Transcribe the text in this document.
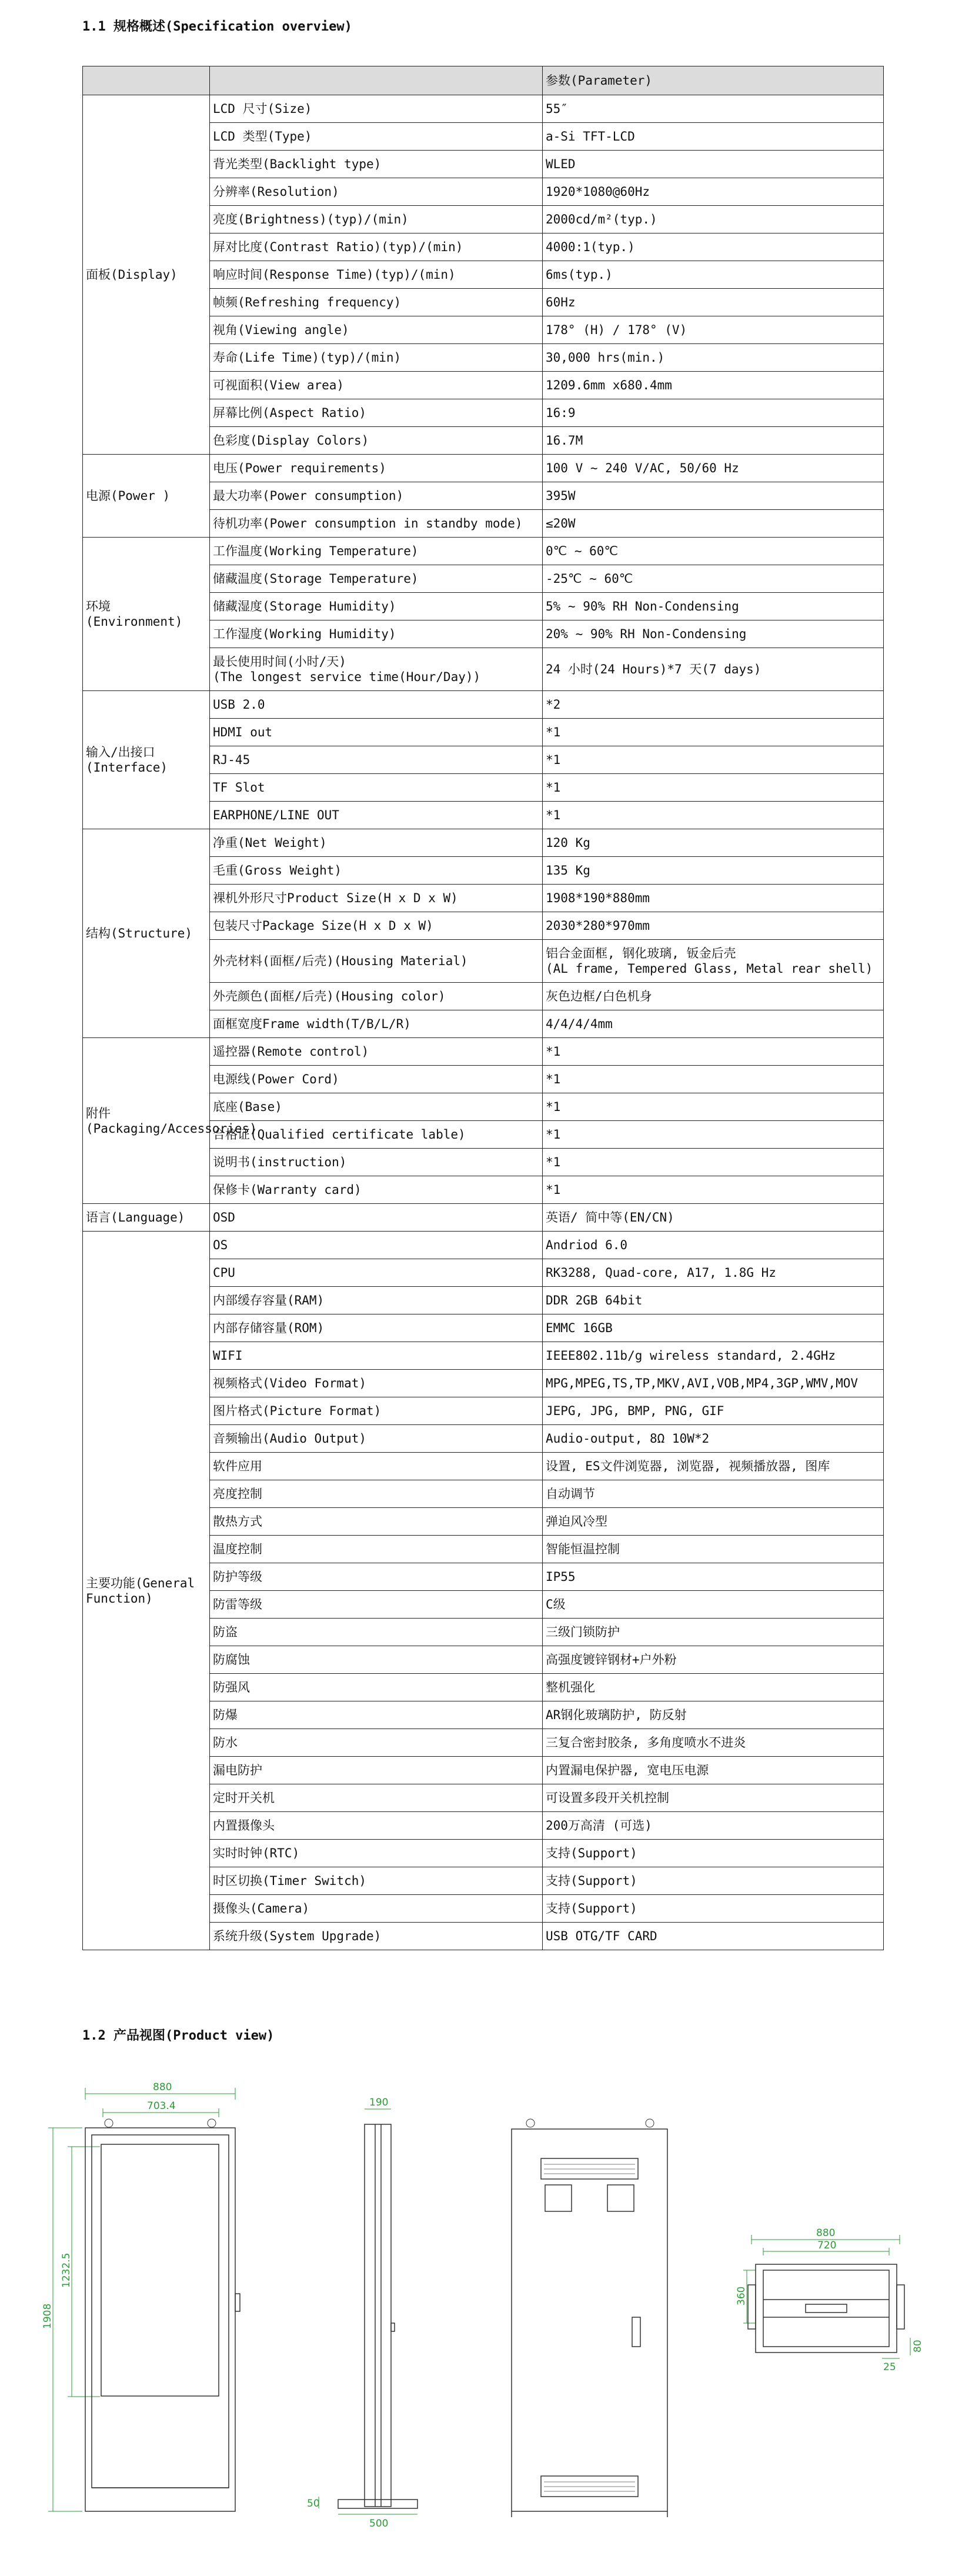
1.1 规格概述(Specification overview)
		参数(Parameter)
面板(Display)	LCD 尺寸(Size)	55″
	LCD 类型(Type)	a-Si TFT-LCD
	背光类型(Backlight type)	WLED
	分辨率(Resolution)	1920*1080@60Hz
	亮度(Brightness)(typ)/(min)	2000cd/m²(typ.)
	屏对比度(Contrast Ratio)(typ)/(min)	4000:1(typ.)
	响应时间(Response Time)(typ)/(min)	6ms(typ.)
	帧频(Refreshing frequency)	60Hz
	视角(Viewing angle)	178° (H) / 178° (V)
	寿命(Life Time)(typ)/(min)	30,000 hrs(min.)
	可视面积(View area)	1209.6mm x680.4mm
	屏幕比例(Aspect Ratio)	16:9
	色彩度(Display Colors)	16.7M
电源(Power )	电压(Power requirements)	100 V ~ 240 V/AC, 50/60 Hz
	最大功率(Power consumption)	395W
	待机功率(Power consumption in standby mode)	≤20W
环境(Environment)	工作温度(Working Temperature)	0℃ ~ 60℃
	储藏温度(Storage Temperature)	-25℃ ~ 60℃
	储藏湿度(Storage Humidity)	5% ~ 90% RH Non-Condensing
	工作湿度(Working Humidity)	20% ~ 90% RH Non-Condensing
	最长使用时间(小时/天)
(The longest service time(Hour/Day))	24 小时(24 Hours)*7 天(7 days)
输入/出接口(Interface)	USB 2.0	*2
	HDMI out	*1
	RJ-45	*1
	TF Slot	*1
	EARPHONE/LINE OUT	*1
结构(Structure)	净重(Net Weight)	120 Kg
	毛重(Gross Weight)	135 Kg
	裸机外形尺寸Product Size(H x D x W)	1908*190*880mm
	包装尺寸Package Size(H x D x W)	2030*280*970mm
	外壳材料(面框/后壳)(Housing Material)	铝合金面框, 钢化玻璃, 钣金后壳
(AL frame, Tempered Glass, Metal rear shell)
	外壳颜色(面框/后壳)(Housing color)	灰色边框/白色机身
	面框宽度Frame width(T/B/L/R)	4/4/4/4mm
附件(Packaging/Accessories)	遥控器(Remote control)	*1
	电源线(Power Cord)	*1
	底座(Base)	*1
	合格证(Qualified certificate lable)	*1
	说明书(instruction)	*1
	保修卡(Warranty card)	*1
语言(Language)	OSD	英语/ 简中等(EN/CN)
主要功能(General Function)	OS	Andriod 6.0
	CPU	RK3288, Quad-core, A17, 1.8G Hz
	内部缓存容量(RAM)	DDR 2GB 64bit
	内部存储容量(ROM)	EMMC 16GB
	WIFI	IEEE802.11b/g wireless standard, 2.4GHz
	视频格式(Video Format)	MPG,MPEG,TS,TP,MKV,AVI,VOB,MP4,3GP,WMV,MOV
	图片格式(Picture Format)	JEPG, JPG, BMP, PNG, GIF
	音频输出(Audio Output)	Audio-output, 8Ω 10W*2
	软件应用	设置, ES文件浏览器, 浏览器, 视频播放器, 图库
	亮度控制	自动调节
	散热方式	弹迫风冷型
	温度控制	智能恒温控制
	防护等级	IP55
	防雷等级	C级
	防盗	三级门锁防护
	防腐蚀	高强度镀锌钢材+户外粉
	防强风	整机强化
	防爆	AR钢化玻璃防护, 防反射
	防水	三复合密封胶条, 多角度喷水不进炎
	漏电防护	内置漏电保护器, 宽电压电源
	定时开关机	可设置多段开关机控制
	内置摄像头	200万高清 (可选)
	实时时钟(RTC)	支持(Support)
	时区切换(Timer Switch)	支持(Support)
	摄像头(Camera)	支持(Support)
	系统升级(System Upgrade)	USB OTG/TF CARD
1.2 产品视图(Product view)
880
703.4
1908
1232.5
190
500
50
880
720
360
25
80
